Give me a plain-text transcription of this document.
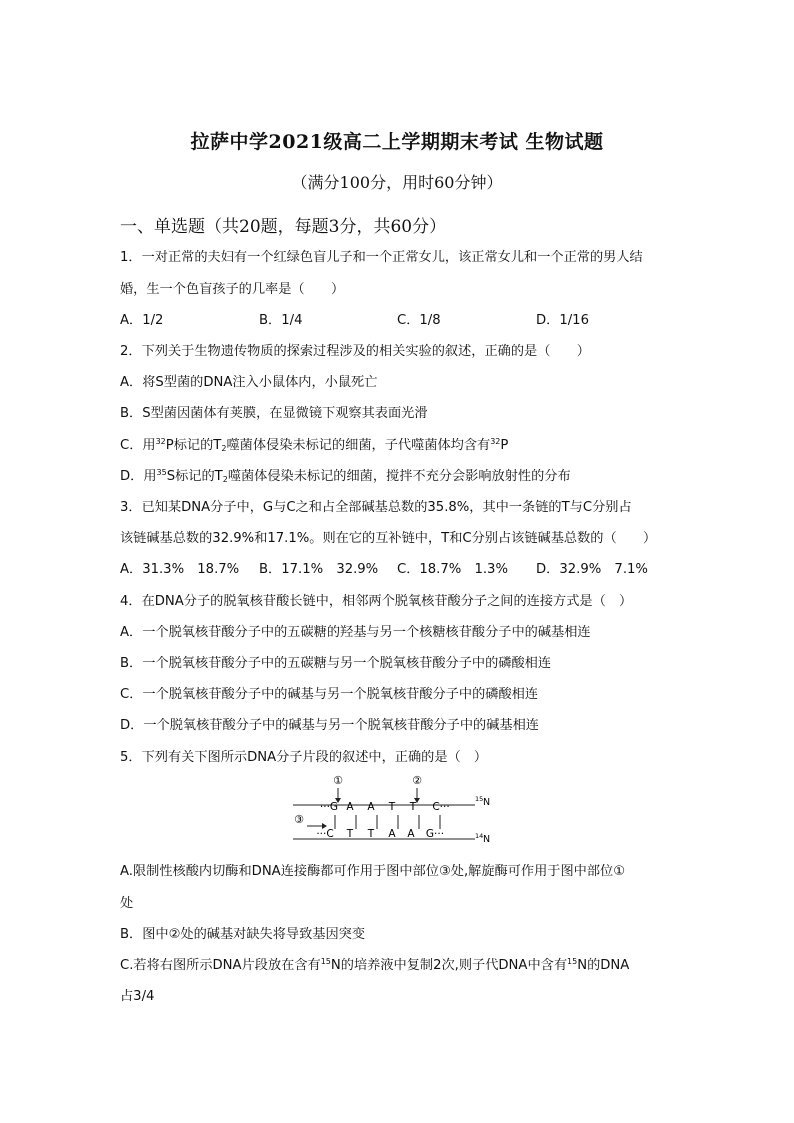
拉萨中学2021级高二上学期期末考试 生物试题
（满分100分，用时60分钟）
一、单选题（共20题，每题3分，共60分）
1．一对正常的夫妇有一个红绿色盲儿子和一个正常女儿，该正常女儿和一个正常的男人结
婚，生一个色盲孩子的几率是（　　）
A．1/2	B．1/4	C．1/8	D．1/16
2．下列关于生物遗传物质的探索过程涉及的相关实验的叙述，正确的是（　　）
A．将S型菌的DNA注入小鼠体内，小鼠死亡
B．S型菌因菌体有荚膜，在显微镜下观察其表面光滑
C．用$^{32}$P标记的$T_2$噬菌体侵染未标记的细菌，子代噬菌体均含有$^{32}$P
D．用$^{35}$S标记的$T_2$噬菌体侵染未标记的细菌，搅拌不充分会影响放射性的分布
3．已知某DNA分子中，G与C之和占全部碱基总数的35.8%，其中一条链的T与C分别占
该链碱基总数的32.9%和17.1%。则在它的互补链中，T和C分别占该链碱基总数的（　　）
A．31.3%　18.7% B．17.1%　32.9% C．18.7%　1.3% D．32.9%　7.1%
4．在DNA分子的脱氧核苷酸长链中，相邻两个脱氧核苷酸分子之间的连接方式是（　）
A．一个脱氧核苷酸分子中的五碳糖的羟基与另一个核糖核苷酸分子中的碱基相连
B．一个脱氧核苷酸分子中的五碳糖与另一个脱氧核苷酸分子中的磷酸相连
C．一个脱氧核苷酸分子中的碱基与另一个脱氧核苷酸分子中的磷酸相连
D．一个脱氧核苷酸分子中的碱基与另一个脱氧核苷酸分子中的碱基相连
5．下列有关下图所示DNA分子片段的叙述中，正确的是（　）
①	②
③
···G A A T T C···
···C T T A A G···
15 N
14 N
A.限制性核酸内切酶和DNA连接酶都可作用于图中部位③处,解旋酶可作用于图中部位①
处
B．图中②处的碱基对缺失将导致基因突变
C.若将右图所示DNA片段放在含有$^{15}$N的培养液中复制2次,则子代DNA中含有$^{15}$N的DNA
占3/4
